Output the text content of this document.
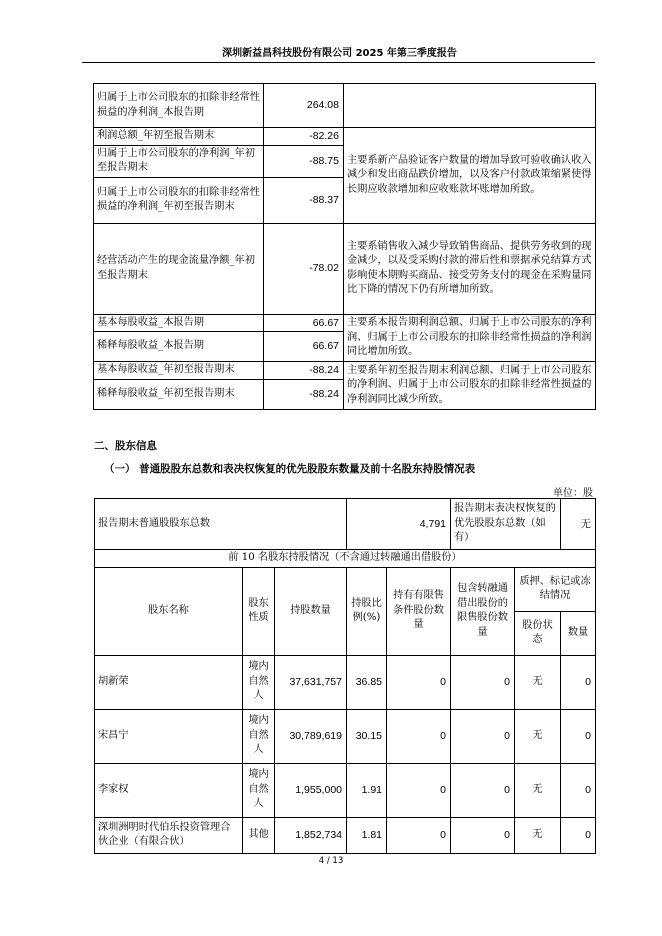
深圳新益昌科技股份有限公司 2025 年第三季度报告
归属于上市公司股东的扣除非经常性损益的净利润_本报告期	264.08	
利润总额_年初至报告期末	-82.26	主要系新产品验证客户数量的增加导致可验收确认收入减少和发出商品跌价增加，以及客户付款政策缩紧使得长期应收款增加和应收账款坏账增加所致。
归属于上市公司股东的净利润_年初至报告期末	-88.75	
归属于上市公司股东的扣除非经常性损益的净利润_年初至报告期末	-88.37	
经营活动产生的现金流量净额_年初至报告期末	-78.02	主要系销售收入减少导致销售商品、提供劳务收到的现金减少，以及受采购付款的滞后性和票据承兑结算方式影响使本期购买商品、接受劳务支付的现金在采购量同比下降的情况下仍有所增加所致。
基本每股收益_本报告期	66.67	主要系本报告期利润总额、归属于上市公司股东的净利润、归属于上市公司股东的扣除非经常性损益的净利润同比增加所致。
稀释每股收益_本报告期	66.67	
基本每股收益_年初至报告期末	-88.24	主要系年初至报告期末利润总额、归属于上市公司股东的净利润、归属于上市公司股东的扣除非经常性损益的净利润同比减少所致。
稀释每股收益_年初至报告期末	-88.24	
二、股东信息
（一） 普通股股东总数和表决权恢复的优先股股东数量及前十名股东持股情况表
单位：股
报告期末普通股股东总数			4,791		报告期末表决权恢复的优先股股东总数（如有）		无
前 10 名股东持股情况（不含通过转融通出借股份）							
股东名称	股东性质	持股数量	持股比例(%)	持有有限售条件股份数量	包含转融通借出股份的限售股份数量	质押、标记或冻结情况	
						股份状态	数量
胡新荣	境内自然人	37,631,757	36.85	0	0	无	0
宋昌宁	境内自然人	30,789,619	30.15	0	0	无	0
李家权	境内自然人	1,955,000	1.91	0	0	无	0
深圳洲明时代伯乐投资管理合伙企业（有限合伙）	其他	1,852,734	1.81	0	0	无	0
4 / 13
